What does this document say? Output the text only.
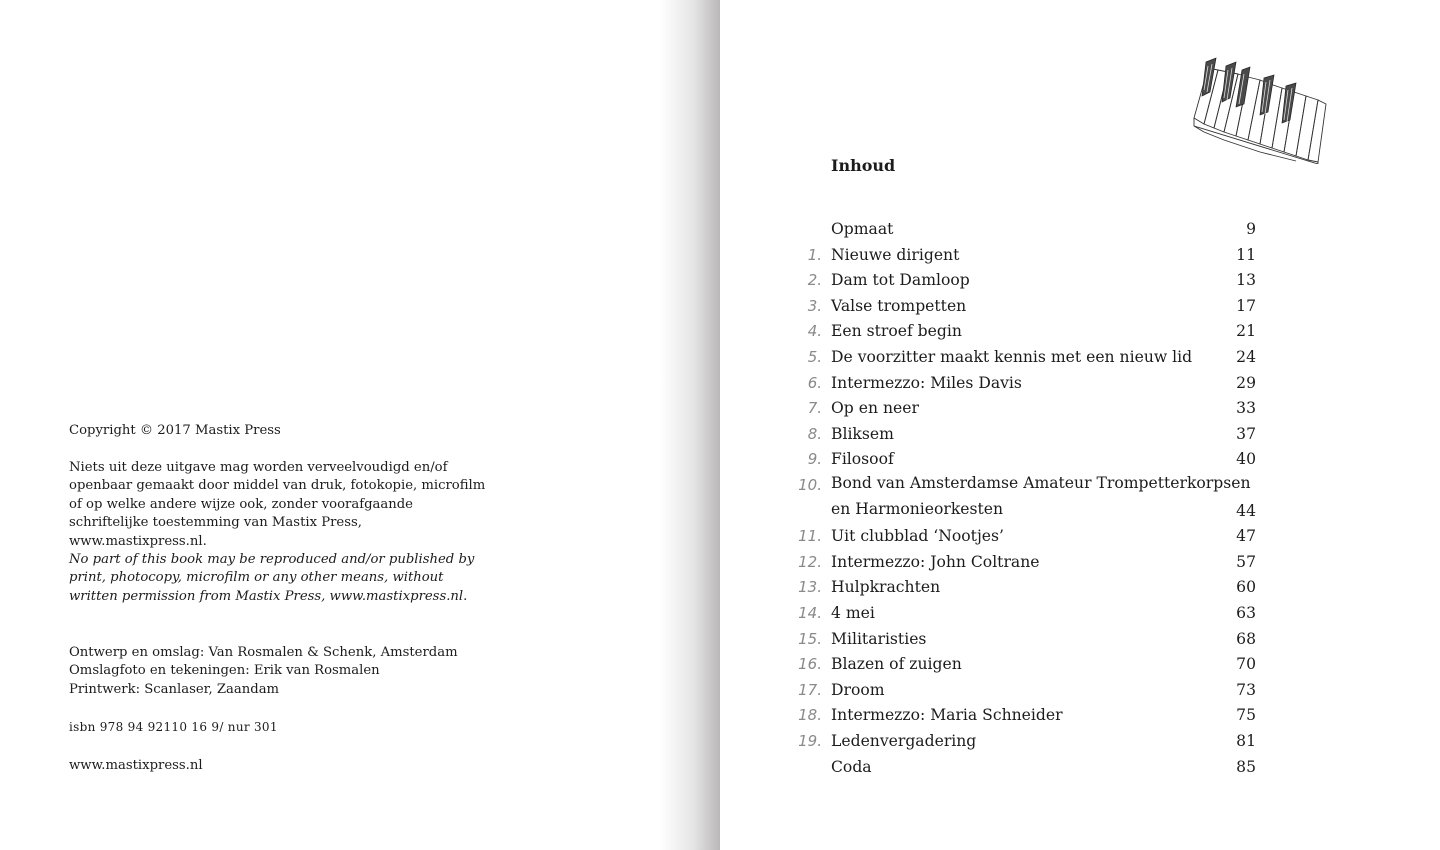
Copyright © 2017 Mastix Press

Niets uit deze uitgave mag worden verveelvoudigd en/of openbaar gemaakt door middel van druk, fotokopie, microfilm of op welke andere wijze ook, zonder voorafgaande schriftelijke toestemming van Mastix Press, www.mastixpress.nl.

No part of this book may be reproduced and/or published by print, photocopy, microfilm or any other means, without written permission from Mastix Press, www.mastixpress.nl.

Ontwerp en omslag: Van Rosmalen & Schenk, Amsterdam

Omslagfoto en tekeningen: Erik van Rosmalen

Printwerk: Scanlaser, Zaandam

isbn 978 94 92110 16 9/ nur 301

www.mastixpress.nl

Inhoud
Opmaat	9
1. Nieuwe dirigent	11
2. Dam tot Damloop	13
3. Valse trompetten	17
4. Een stroef begin	21
5. De voorzitter maakt kennis met een nieuw lid	24
6. Intermezzo: Miles Davis	29
7. Op en neer	33
8. Bliksem	37
9. Filosoof	40
10. Bond van Amsterdamse Amateur Trompetterkorpsen
en Harmonieorkesten	44
11. Uit clubblad ‘Nootjes’	47
12. Intermezzo: John Coltrane	57
13. Hulpkrachten	60
14. 4 mei	63
15. Militaristies	68
16. Blazen of zuigen	70
17. Droom	73
18. Intermezzo: Maria Schneider	75
19. Ledenvergadering	81
Coda	85
